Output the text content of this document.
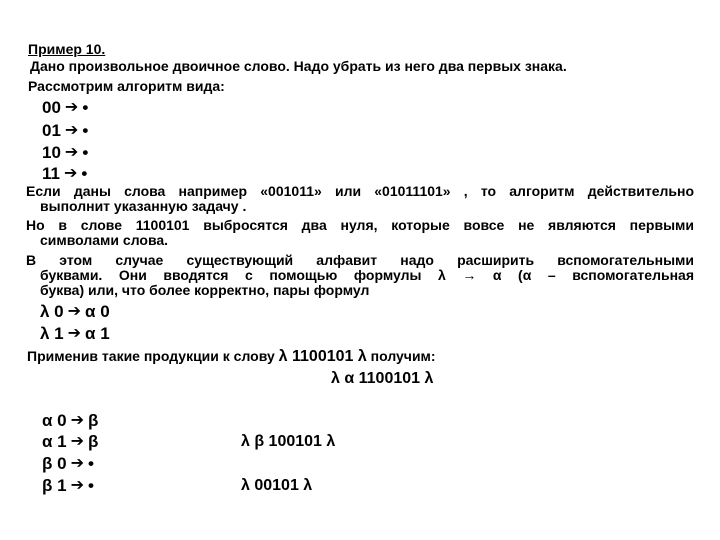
Пример 10.
Дано произвольное двоичное слово. Надо убрать из него два первых знака.
Рассмотрим алгоритм вида:
00 ➔ •
01 ➔ •
10 ➔ •
11 ➔ •
Если даны слова например «001011» или «01011101» , то алгоритм действительно
выполнит указанную задачу .
Но в слове 1100101 выбросятся два нуля, которые вовсе не являются первыми
символами слова.
В этом случае существующий алфавит надо расширить вспомогательными
буквами. Они вводятся с помощью формулы λ → α (α – вспомогательная
буква) или, что более корректно, пары формул
λ 0 ➔ α 0
λ 1 ➔ α 1
Применив такие продукции к слову λ 1100101 λ получим:
λ α 1100101 λ
α 0 ➔ β
α 1 ➔ β
β 0 ➔ •
β 1 ➔ •
λ β 100101 λ
λ 00101 λ
